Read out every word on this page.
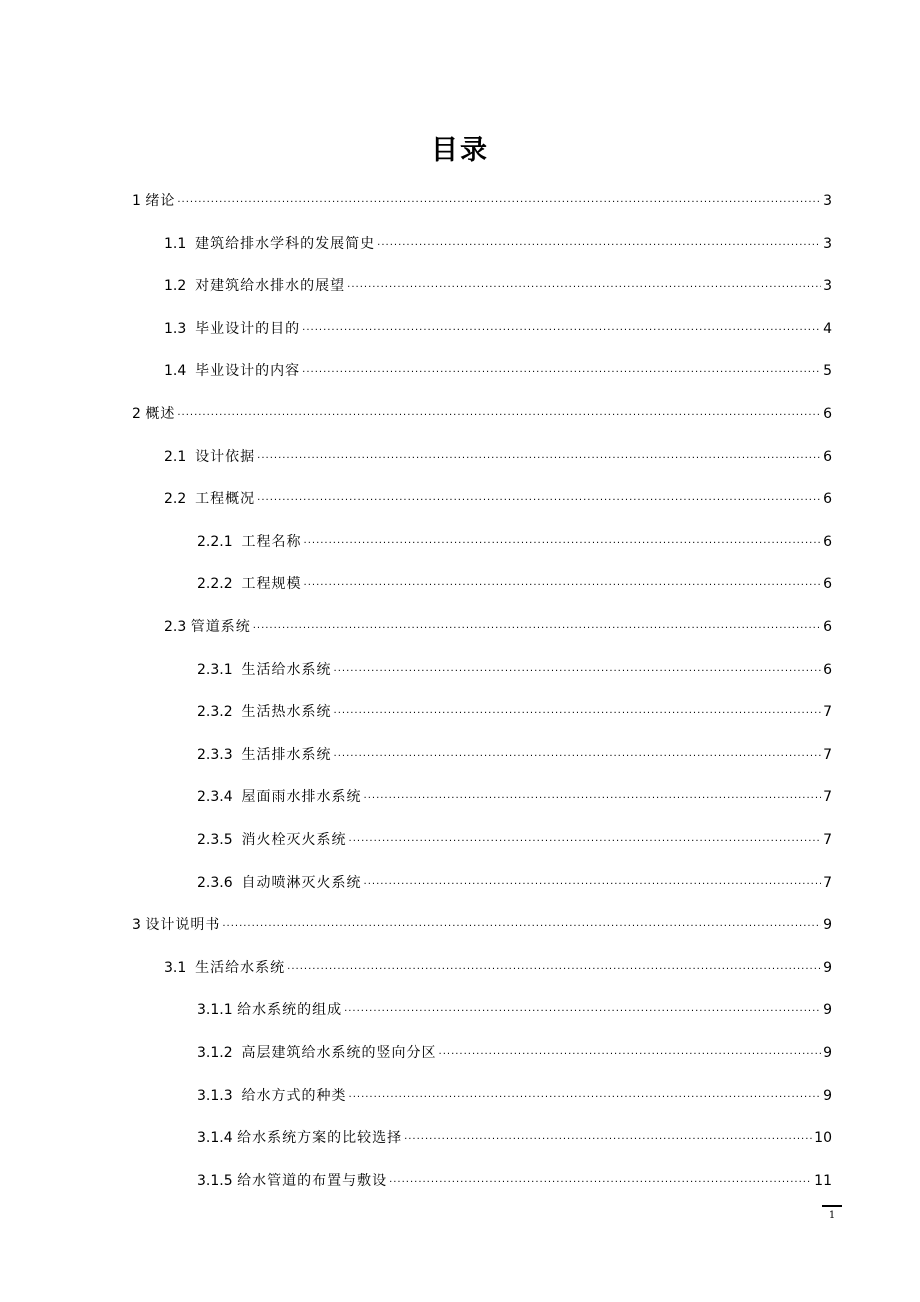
目录
1 绪论 .....	3
1.1 建筑给排水学科的发展简史 .....	3
1.2 对建筑给水排水的展望 .....	3
1.3 毕业设计的目的 .....	4
1.4 毕业设计的内容 .....	5
2 概述 .....	6
2.1 设计依据 .....	6
2.2 工程概况 .....	6
2.2.1 工程名称 .....	6
2.2.2 工程规模 .....	6
2.3 管道系统 .....	6
2.3.1 生活给水系统 .....	6
2.3.2 生活热水系统 .....	7
2.3.3 生活排水系统 .....	7
2.3.4 屋面雨水排水系统 .....	7
2.3.5 消火栓灭火系统 .....	7
2.3.6 自动喷淋灭火系统 .....	7
3 设计说明书 .....	9
3.1 生活给水系统 .....	9
3.1.1 给水系统的组成 .....	9
3.1.2 高层建筑给水系统的竖向分区 .....	9
3.1.3 给水方式的种类 .....	9
3.1.4 给水系统方案的比较选择 .....	10
3.1.5 给水管道的布置与敷设 .....	11
1
